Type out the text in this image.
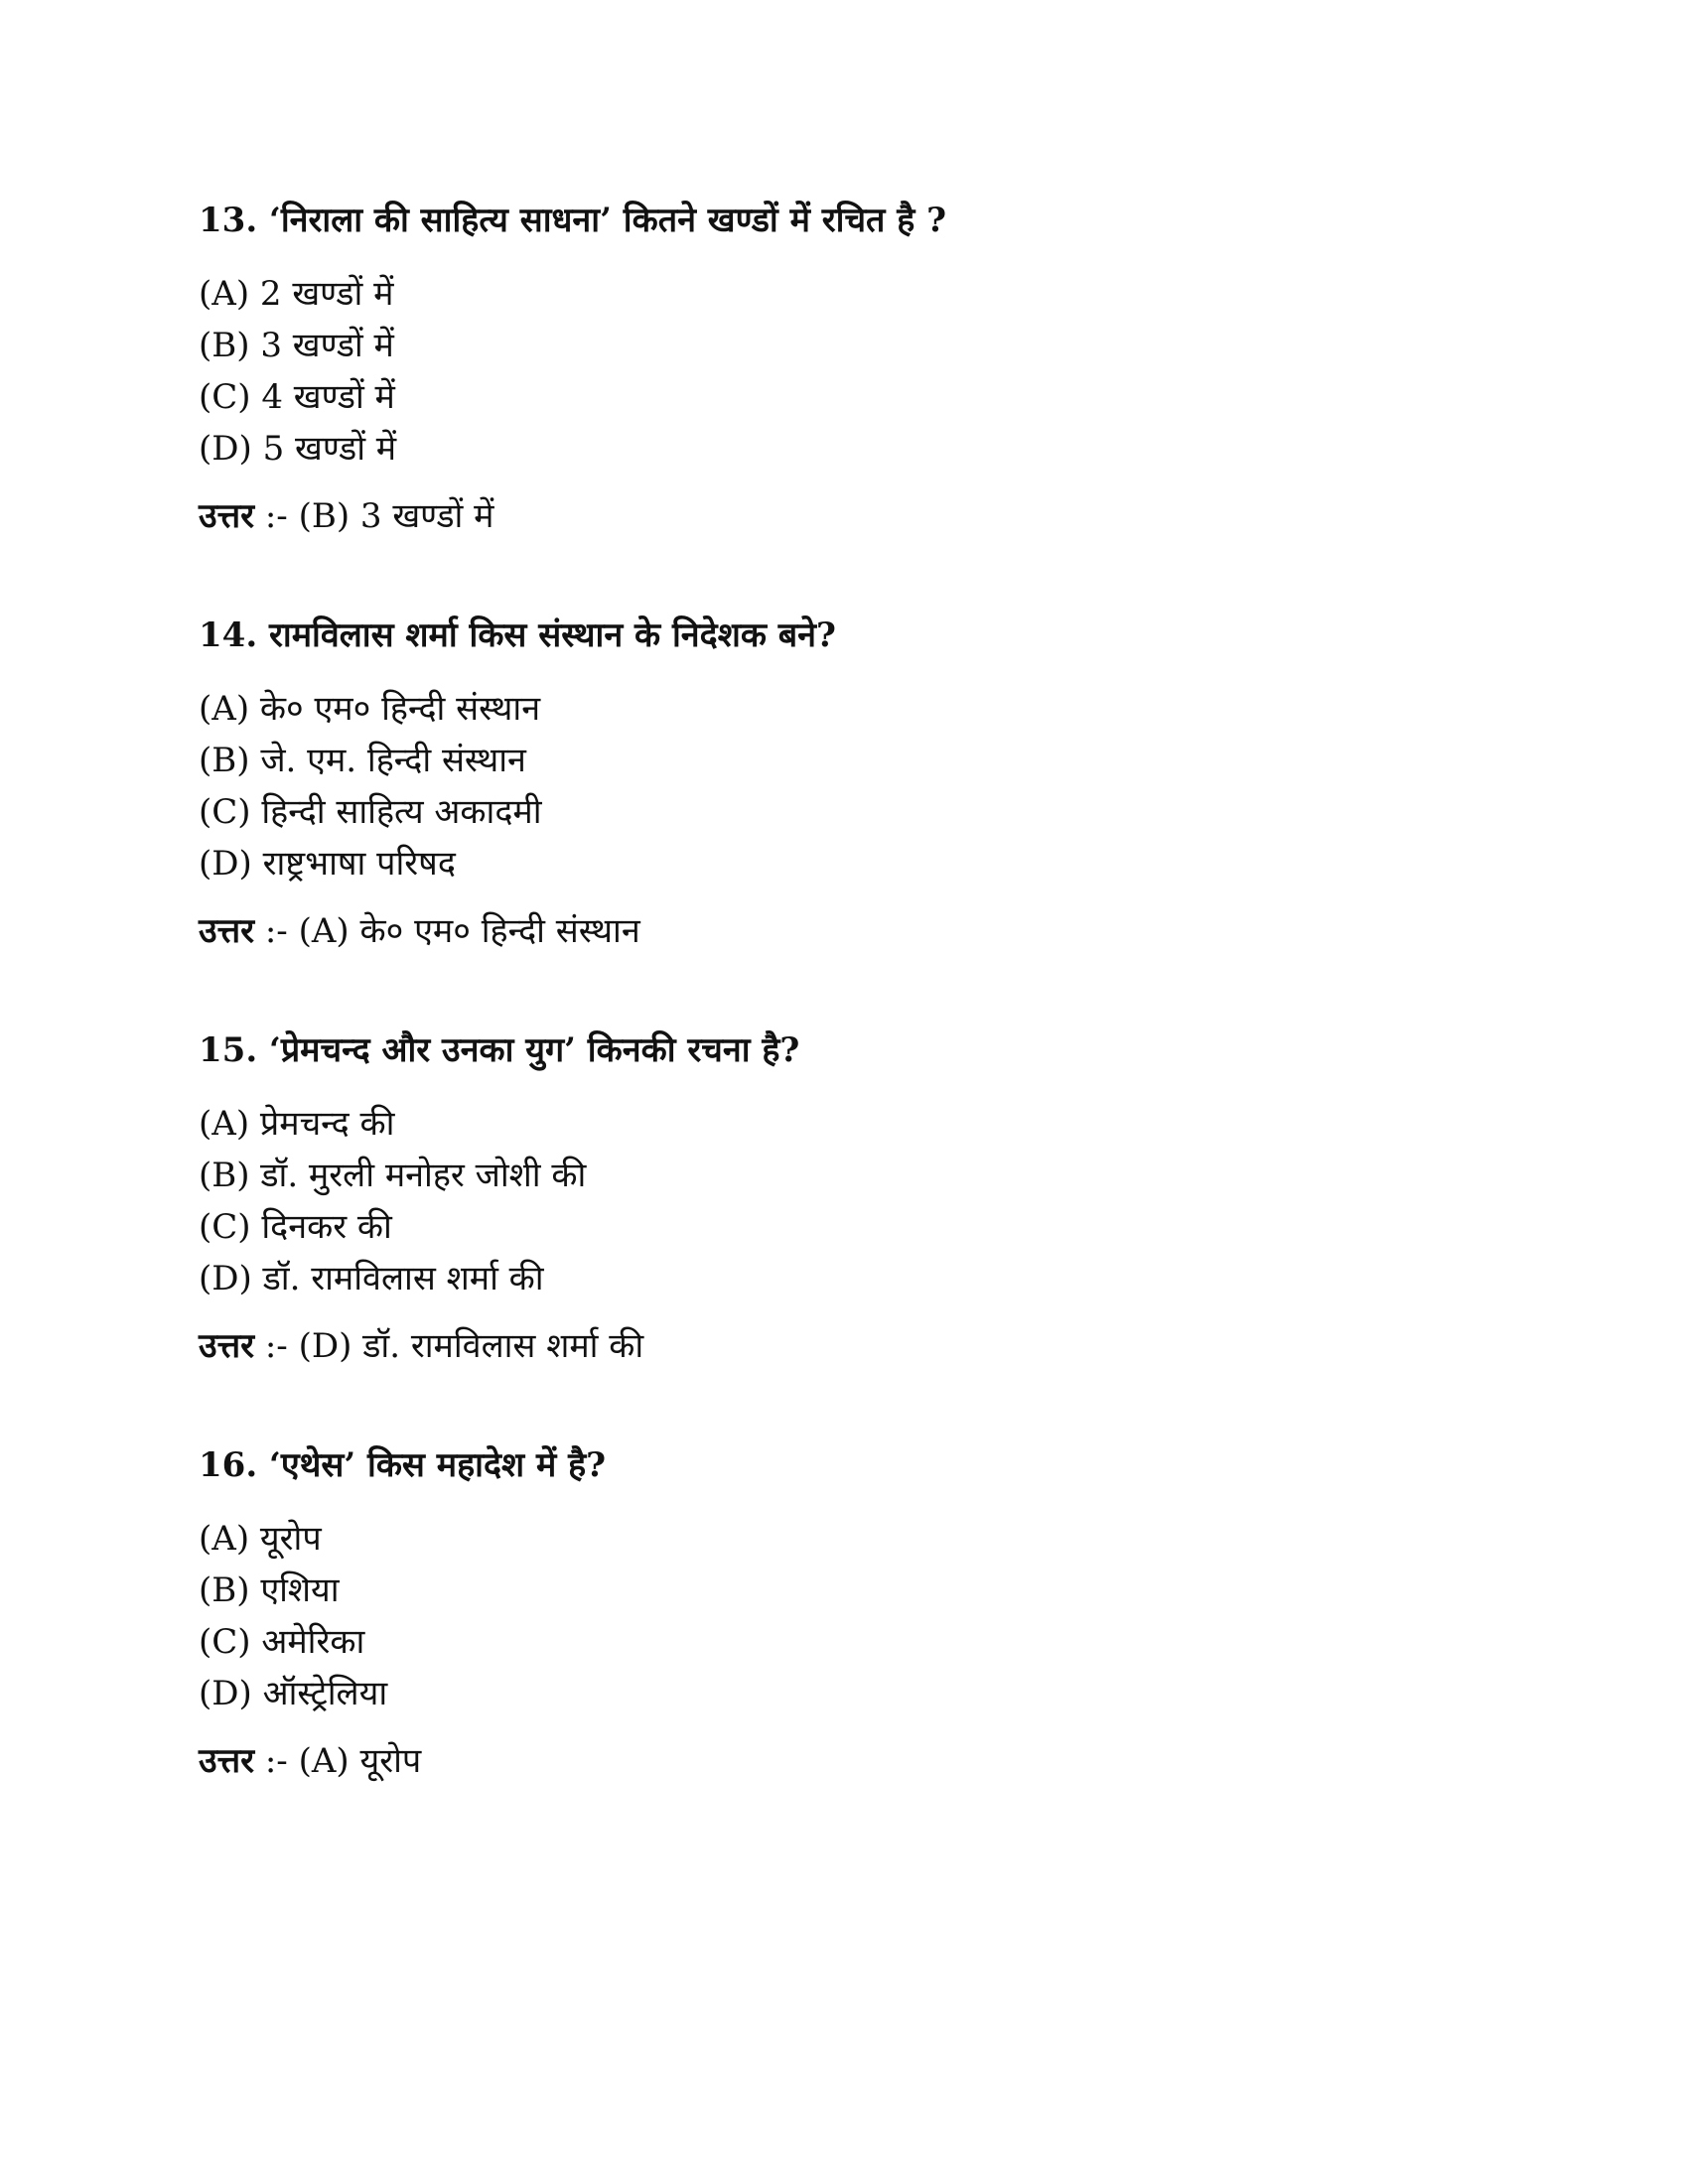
13. ‘निराला की साहित्य साधना’ कितने खण्डों में रचित है ?

(A) 2 खण्डों में
(B) 3 खण्डों में
(C) 4 खण्डों में
(D) 5 खण्डों में
उत्तर :- (B) 3 खण्डों में

14. रामविलास शर्मा किस संस्थान के निदेशक बने?

(A) के० एम० हिन्दी संस्थान
(B) जे. एम. हिन्दी संस्थान
(C) हिन्दी साहित्य अकादमी
(D) राष्ट्रभाषा परिषद
उत्तर :- (A) के० एम० हिन्दी संस्थान

15. ‘प्रेमचन्द और उनका युग’ किनकी रचना है?

(A) प्रेमचन्द की
(B) डॉ. मुरली मनोहर जोशी की
(C) दिनकर की
(D) डॉ. रामविलास शर्मा की
उत्तर :- (D) डॉ. रामविलास शर्मा की

16. ‘एथेस’ किस महादेश में है?

(A) यूरोप
(B) एशिया
(C) अमेरिका
(D) ऑस्ट्रेलिया
उत्तर :- (A) यूरोप
